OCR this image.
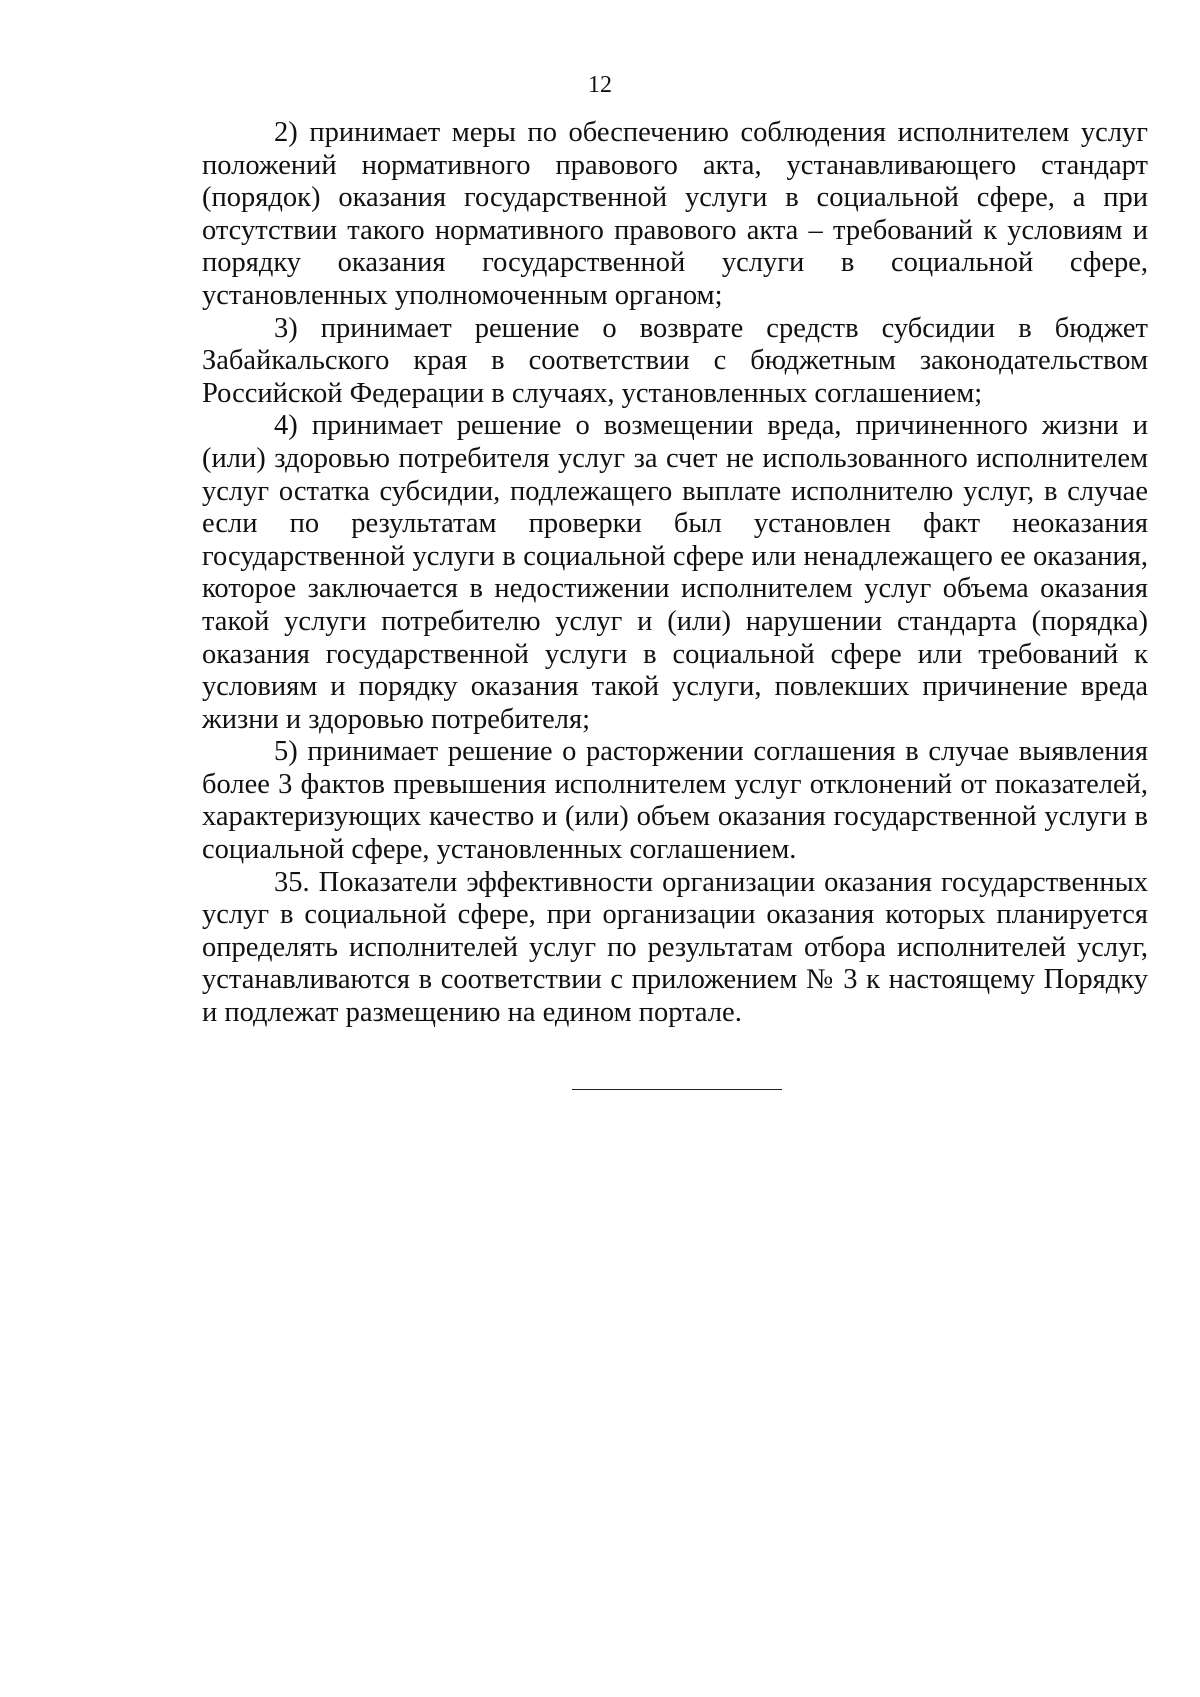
12

2) принимает меры по обеспечению соблюдения исполнителем услуг положений нормативного правового акта, устанавливающего стандарт (порядок) оказания государственной услуги в социальной сфере, а при отсутствии такого нормативного правового акта – требований к условиям и порядку оказания государственной услуги в социальной сфере, установленных уполномоченным органом;

3) принимает решение о возврате средств субсидии в бюджет Забайкальского края в соответствии с бюджетным законодательством Российской Федерации в случаях, установленных соглашением;

4) принимает решение о возмещении вреда, причиненного жизни и (или) здоровью потребителя услуг за счет не использованного исполнителем услуг остатка субсидии, подлежащего выплате исполнителю услуг, в случае если по результатам проверки был установлен факт неоказания государственной услуги в социальной сфере или ненадлежащего ее оказания, которое заключается в недостижении исполнителем услуг объема оказания такой услуги потребителю услуг и (или) нарушении стандарта (порядка) оказания государственной услуги в социальной сфере или требований к условиям и порядку оказания такой услуги, повлекших причинение вреда жизни и здоровью потребителя;

5) принимает решение о расторжении соглашения в случае выявления более 3 фактов превышения исполнителем услуг отклонений от показателей, характеризующих качество и (или) объем оказания государственной услуги в социальной сфере, установленных соглашением.

35. Показатели эффективности организации оказания государственных услуг в социальной сфере, при организации оказания которых планируется определять исполнителей услуг по результатам отбора исполнителей услуг, устанавливаются в соответствии с приложением № 3 к настоящему Порядку и подлежат размещению на едином портале.
